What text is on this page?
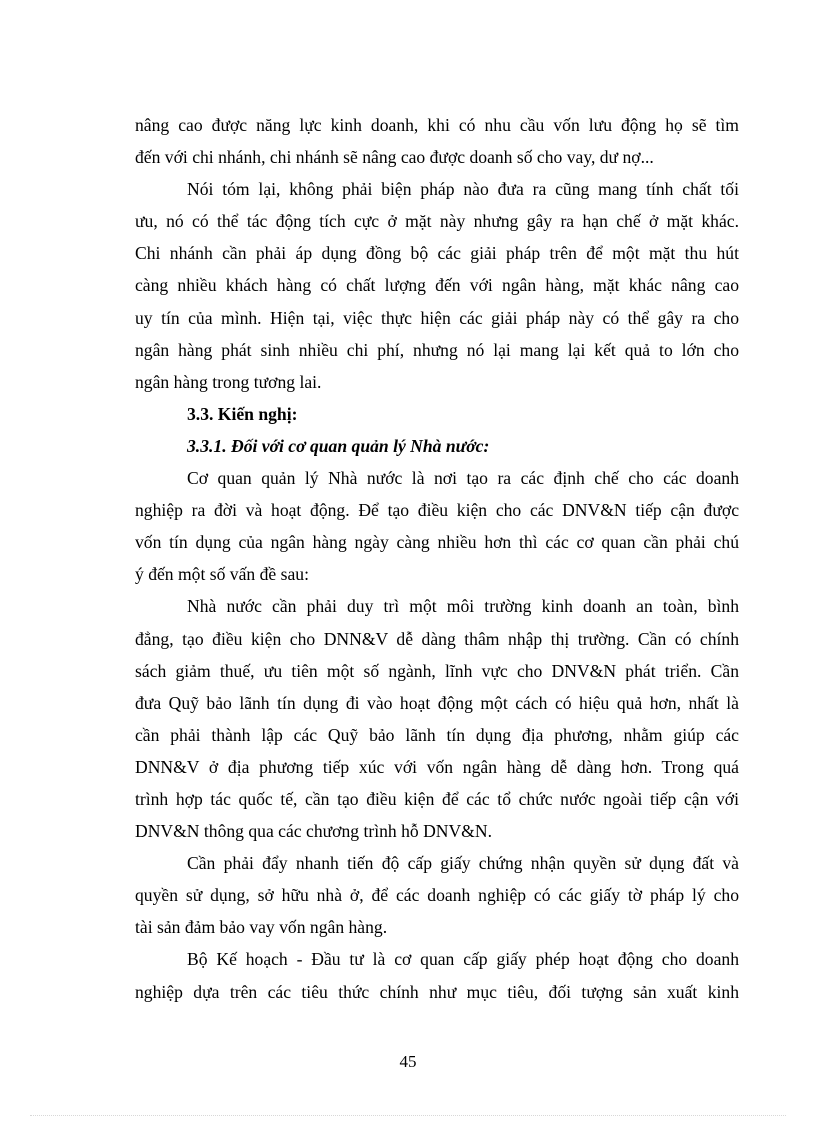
nâng cao được năng lực kinh doanh, khi có nhu cầu vốn lưu động họ sẽ tìm
đến với chi nhánh, chi nhánh sẽ nâng cao được doanh số cho vay, dư nợ...

Nói tóm lại, không phải biện pháp nào đưa ra cũng mang tính chất tối
ưu, nó có thể tác động tích cực ở mặt này nhưng gây ra hạn chế ở mặt khác.
Chi nhánh cần phải áp dụng đồng bộ các giải pháp trên để một mặt thu hút
càng nhiều khách hàng có chất lượng đến với ngân hàng, mặt khác nâng cao
uy tín của mình. Hiện tại, việc thực hiện các giải pháp này có thể gây ra cho
ngân hàng phát sinh nhiều chi phí, nhưng nó lại mang lại kết quả to lớn cho
ngân hàng trong tương lai.

3.3. Kiến nghị:
3.3.1. Đối với cơ quan quản lý Nhà nước:

Cơ quan quản lý Nhà nước là nơi tạo ra các định chế cho các doanh
nghiệp ra đời và hoạt động. Để tạo điều kiện cho các DNV&N tiếp cận được
vốn tín dụng của ngân hàng ngày càng nhiều hơn thì các cơ quan cần phải chú
ý đến một số vấn đề sau:

Nhà nước cần phải duy trì một môi trường kinh doanh an toàn, bình
đẳng, tạo điều kiện cho DNN&V dễ dàng thâm nhập thị trường. Cần có chính
sách giảm thuế, ưu tiên một số ngành, lĩnh vực cho DNV&N phát triển. Cần
đưa Quỹ bảo lãnh tín dụng đi vào hoạt động một cách có hiệu quả hơn, nhất là
cần phải thành lập các Quỹ bảo lãnh tín dụng địa phương, nhằm giúp các
DNN&V ở địa phương tiếp xúc với vốn ngân hàng dễ dàng hơn. Trong quá
trình hợp tác quốc tế, cần tạo điều kiện để các tổ chức nước ngoài tiếp cận với
DNV&N thông qua các chương trình hỗ DNV&N.

Cần phải đẩy nhanh tiến độ cấp giấy chứng nhận quyền sử dụng đất và
quyền sử dụng, sở hữu nhà ở, để các doanh nghiệp có các giấy tờ pháp lý cho
tài sản đảm bảo vay vốn ngân hàng.

Bộ Kế hoạch - Đầu tư là cơ quan cấp giấy phép hoạt động cho doanh
nghiệp dựa trên các tiêu thức chính như mục tiêu, đối tượng sản xuất kinh

45
